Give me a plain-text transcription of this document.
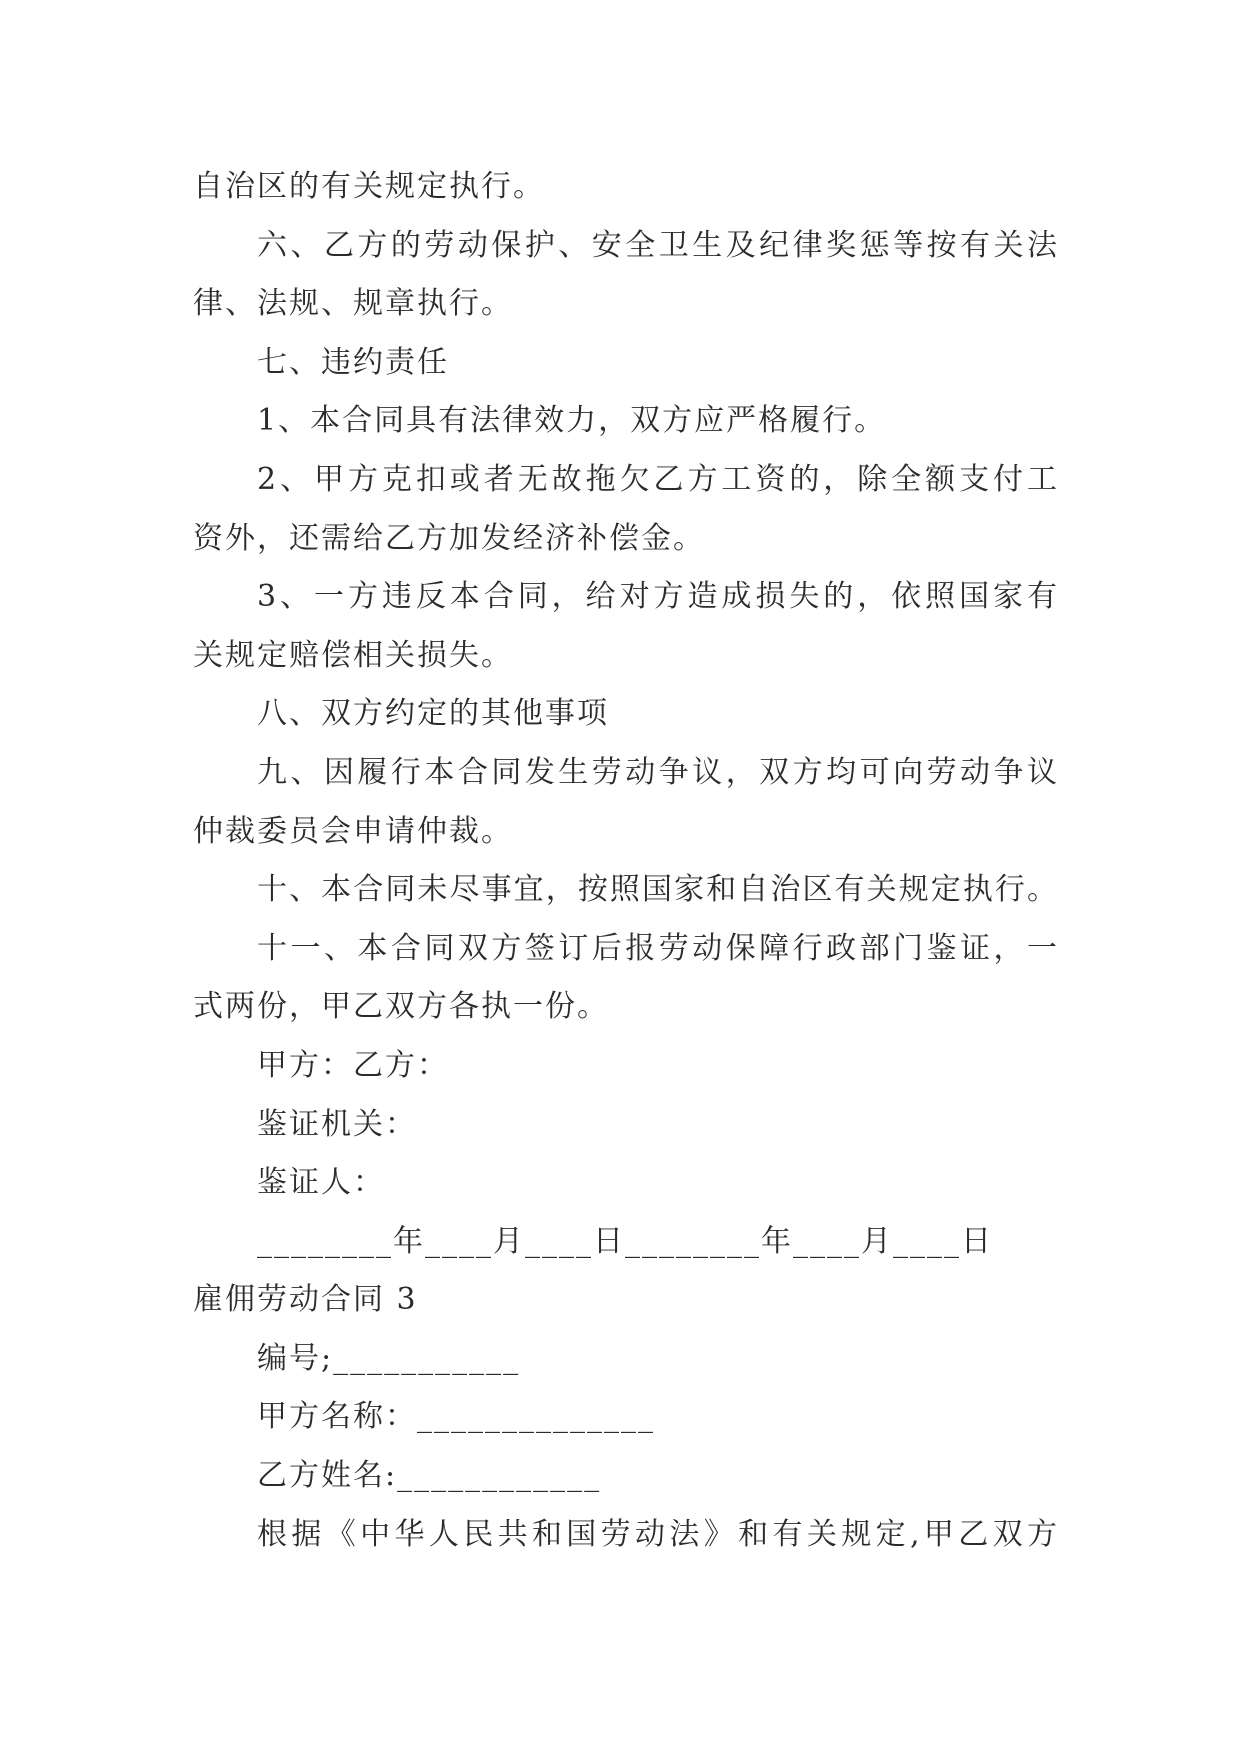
自治区的有关规定执行。
六、乙方的劳动保护、安全卫生及纪律奖惩等按有关法
律、法规、规章执行。
七、违约责任
1、本合同具有法律效力，双方应严格履行。
2、甲方克扣或者无故拖欠乙方工资的，除全额支付工
资外，还需给乙方加发经济补偿金。
3、一方违反本合同，给对方造成损失的，依照国家有
关规定赔偿相关损失。
八、双方约定的其他事项
九、因履行本合同发生劳动争议，双方均可向劳动争议
仲裁委员会申请仲裁。
十、本合同未尽事宜，按照国家和自治区有关规定执行。
十一、本合同双方签订后报劳动保障行政部门鉴证，一
式两份，甲乙双方各执一份。
甲方：乙方：
鉴证机关：
鉴证人：
________年____月____日________年____月____日
雇佣劳动合同 3
编号;___________
甲方名称：______________
乙方姓名:____________
根据《中华人民共和国劳动法》和有关规定,甲乙双方
